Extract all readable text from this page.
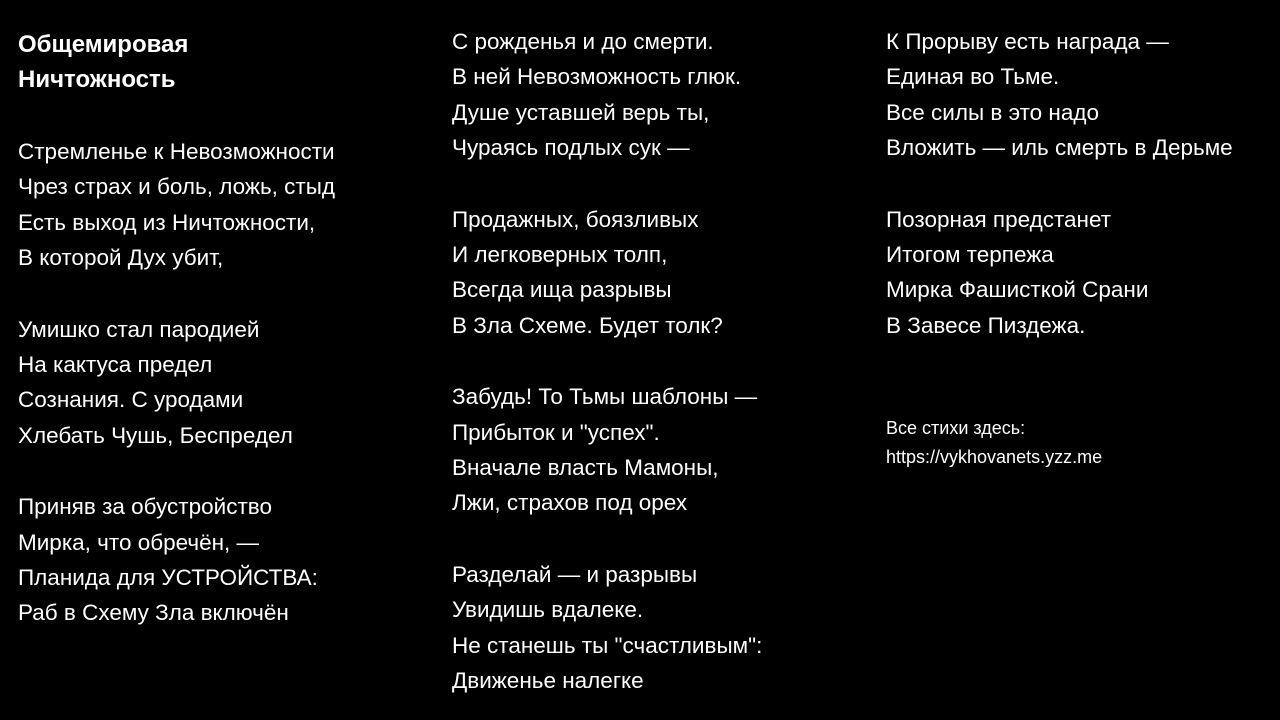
Общемировая
Ничтожность

Стремленье к Невозможности
Чрез страх и боль, ложь, стыд
Есть выход из Ничтожности,
В которой Дух убит,

Умишко стал пародией
На кактуса предел
Сознания. С уродами
Хлебать Чушь, Беспредел

Приняв за обустройство
Мирка, что обречён, —
Планида для УСТРОЙСТВА:
Раб в Схему Зла включён

С рожденья и до смерти.
В ней Невозможность глюк.
Душе уставшей верь ты,
Чураясь подлых сук —

Продажных, боязливых
И легковерных толп,
Всегда ища разрывы
В Зла Схеме. Будет толк?

Забудь! То Тьмы шаблоны —
Прибыток и "успех".
Вначале власть Мамоны,
Лжи, страхов под орех

Разделай — и разрывы
Увидишь вдалеке.
Не станешь ты "счастливым":
Движенье налегке

К Прорыву есть награда —
Единая во Тьме.
Все силы в это надо
Вложить — иль смерть в Дерьме

Позорная предстанет
Итогом терпежа
Мирка Фашисткой Срани
В Завесе Пиздежа.

Все стихи здесь:
https://vykhovanets.yzz.me
